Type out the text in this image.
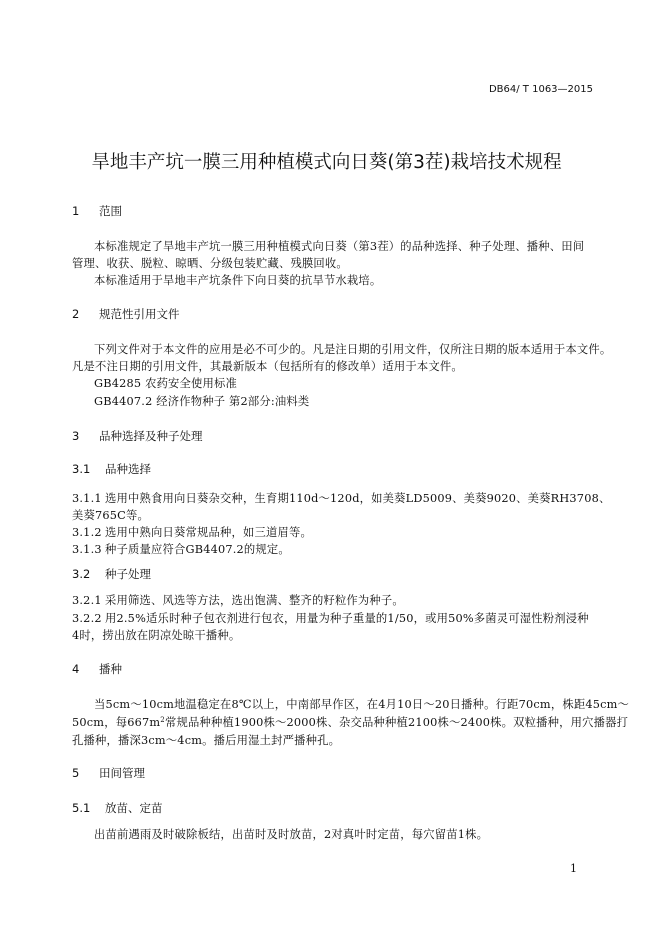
DB64/ T 1063—2015
旱地丰产坑一膜三用种植模式向日葵(第3茬)栽培技术规程
1 范围
本标准规定了旱地丰产坑一膜三用种植模式向日葵（第3茬）的品种选择、种子处理、播种、田间
管理、收获、脱粒、晾晒、分级包装贮藏、残膜回收。
本标准适用于旱地丰产坑条件下向日葵的抗旱节水栽培。
2 规范性引用文件
下列文件对于本文件的应用是必不可少的。凡是注日期的引用文件，仅所注日期的版本适用于本文件。
凡是不注日期的引用文件，其最新版本（包括所有的修改单）适用于本文件。
GB4285 农药安全使用标准
GB4407.2 经济作物种子 第2部分:油料类
3 品种选择及种子处理
3.1 品种选择
3.1.1 选用中熟食用向日葵杂交种，生育期110d～120d，如美葵LD5009、美葵9020、美葵RH3708、
美葵765C等。
3.1.2 选用中熟向日葵常规品种，如三道眉等。
3.1.3 种子质量应符合GB4407.2的规定。
3.2 种子处理
3.2.1 采用筛选、风选等方法，选出饱满、整齐的籽粒作为种子。
3.2.2 用2.5%适乐时种子包衣剂进行包衣，用量为种子重量的1/50，或用50%多菌灵可湿性粉剂浸种
4时，捞出放在阴凉处晾干播种。
4 播种
当5cm～10cm地温稳定在8℃以上，中南部早作区，在4月10日～20日播种。行距70cm，株距45cm～
50cm，每$667m^2$常规品种种植1900株～2000株、杂交品种种植2100株～2400株。双粒播种，用穴播器打
孔播种，播深3cm～4cm。播后用湿土封严播种孔。
5 田间管理
5.1 放苗、定苗
出苗前遇雨及时破除板结，出苗时及时放苗，2对真叶时定苗，每穴留苗1株。
1
